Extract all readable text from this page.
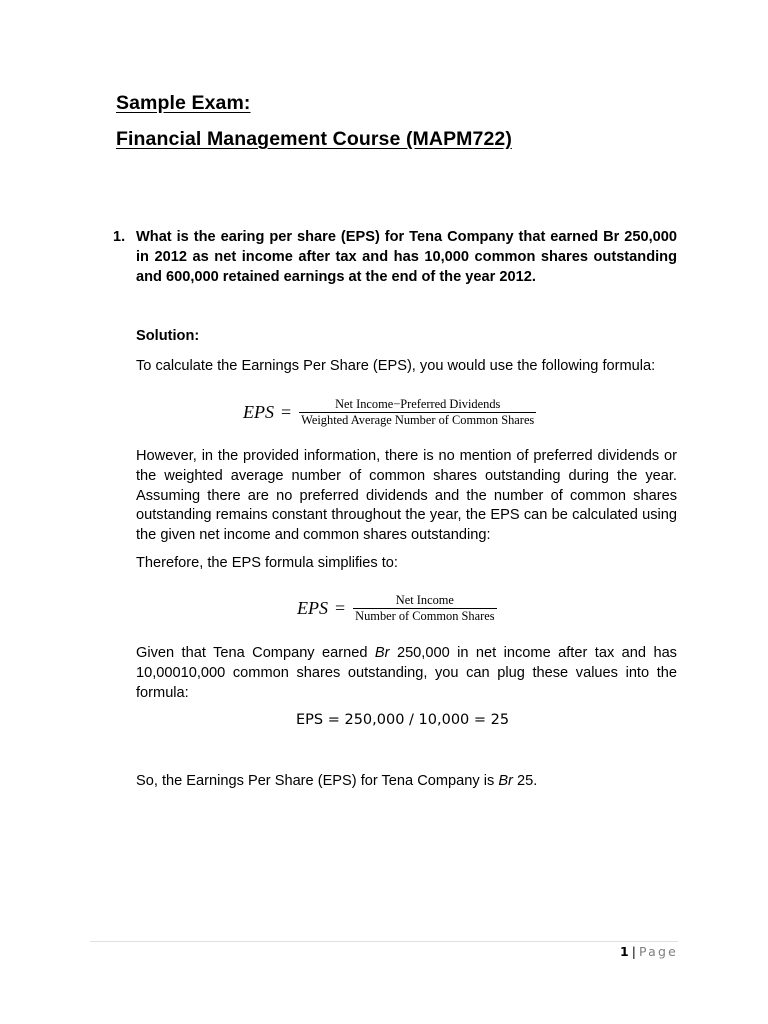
Sample Exam:
Financial Management Course (MAPM722)
1. What is the earing per share (EPS) for Tena Company that earned Br 250,000 in 2012 as net income after tax and has 10,000 common shares outstanding and 600,000 retained earnings at the end of the year 2012.
Solution:
To calculate the Earnings Per Share (EPS), you would use the following formula:
EPS = $\frac{\text{Net Income−Preferred Dividends}}{\text{Weighted Average Number of Common Shares}}$
However, in the provided information, there is no mention of preferred dividends or the weighted average number of common shares outstanding during the year. Assuming there are no preferred dividends and the number of common shares outstanding remains constant throughout the year, the EPS can be calculated using the given net income and common shares outstanding:
Therefore, the EPS formula simplifies to:
EPS = $\frac{\text{Net Income}}{\text{Number of Common Shares}}$
Given that Tena Company earned Br 250,000 in net income after tax and has 10,00010,000 common shares outstanding, you can plug these values into the formula:
EPS = 250,000 / 10,000 = 25
So, the Earnings Per Share (EPS) for Tena Company is Br 25.
1 | Page
